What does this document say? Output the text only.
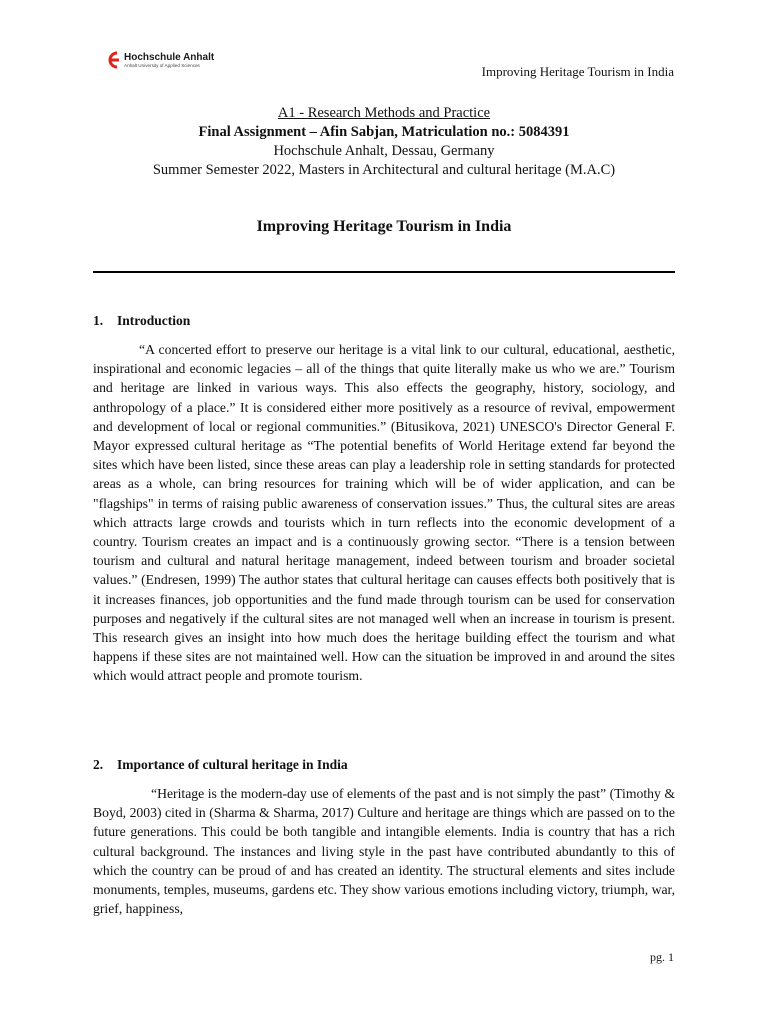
Hochschule Anhalt
Anhalt University of Applied Sciences	Improving Heritage Tourism in India
A1 - Research Methods and Practice
Final Assignment – Afin Sabjan, Matriculation no.: 5084391
Hochschule Anhalt, Dessau, Germany
Summer Semester 2022, Masters in Architectural and cultural heritage (M.A.C)
Improving Heritage Tourism in India
1. Introduction

“A concerted effort to preserve our heritage is a vital link to our cultural, educational, aesthetic, inspirational and economic legacies – all of the things that quite literally make us who we are.” Tourism and heritage are linked in various ways. This also effects the geography, history, sociology, and anthropology of a place.” It is considered either more positively as a resource of revival, empowerment and development of local or regional communities.” (Bitusikova, 2021) UNESCO's Director General F. Mayor expressed cultural heritage as “The potential benefits of World Heritage extend far beyond the sites which have been listed, since these areas can play a leadership role in setting standards for protected areas as a whole, can bring resources for training which will be of wider application, and can be "flagships" in terms of raising public awareness of conservation issues.” Thus, the cultural sites are areas which attracts large crowds and tourists which in turn reflects into the economic development of a country. Tourism creates an impact and is a continuously growing sector. “There is a tension between tourism and cultural and natural heritage management, indeed between tourism and broader societal values.” (Endresen, 1999) The author states that cultural heritage can causes effects both positively that is it increases finances, job opportunities and the fund made through tourism can be used for conservation purposes and negatively if the cultural sites are not managed well when an increase in tourism is present. This research gives an insight into how much does the heritage building effect the tourism and what happens if these sites are not maintained well. How can the situation be improved in and around the sites which would attract people and promote tourism.

2. Importance of cultural heritage in India

“Heritage is the modern-day use of elements of the past and is not simply the past” (Timothy & Boyd, 2003) cited in (Sharma & Sharma, 2017) Culture and heritage are things which are passed on to the future generations. This could be both tangible and intangible elements. India is country that has a rich cultural background. The instances and living style in the past have contributed abundantly to this of which the country can be proud of and has created an identity. The structural elements and sites include monuments, temples, museums, gardens etc. They show various emotions including victory, triumph, war, grief, happiness,

pg. 1
